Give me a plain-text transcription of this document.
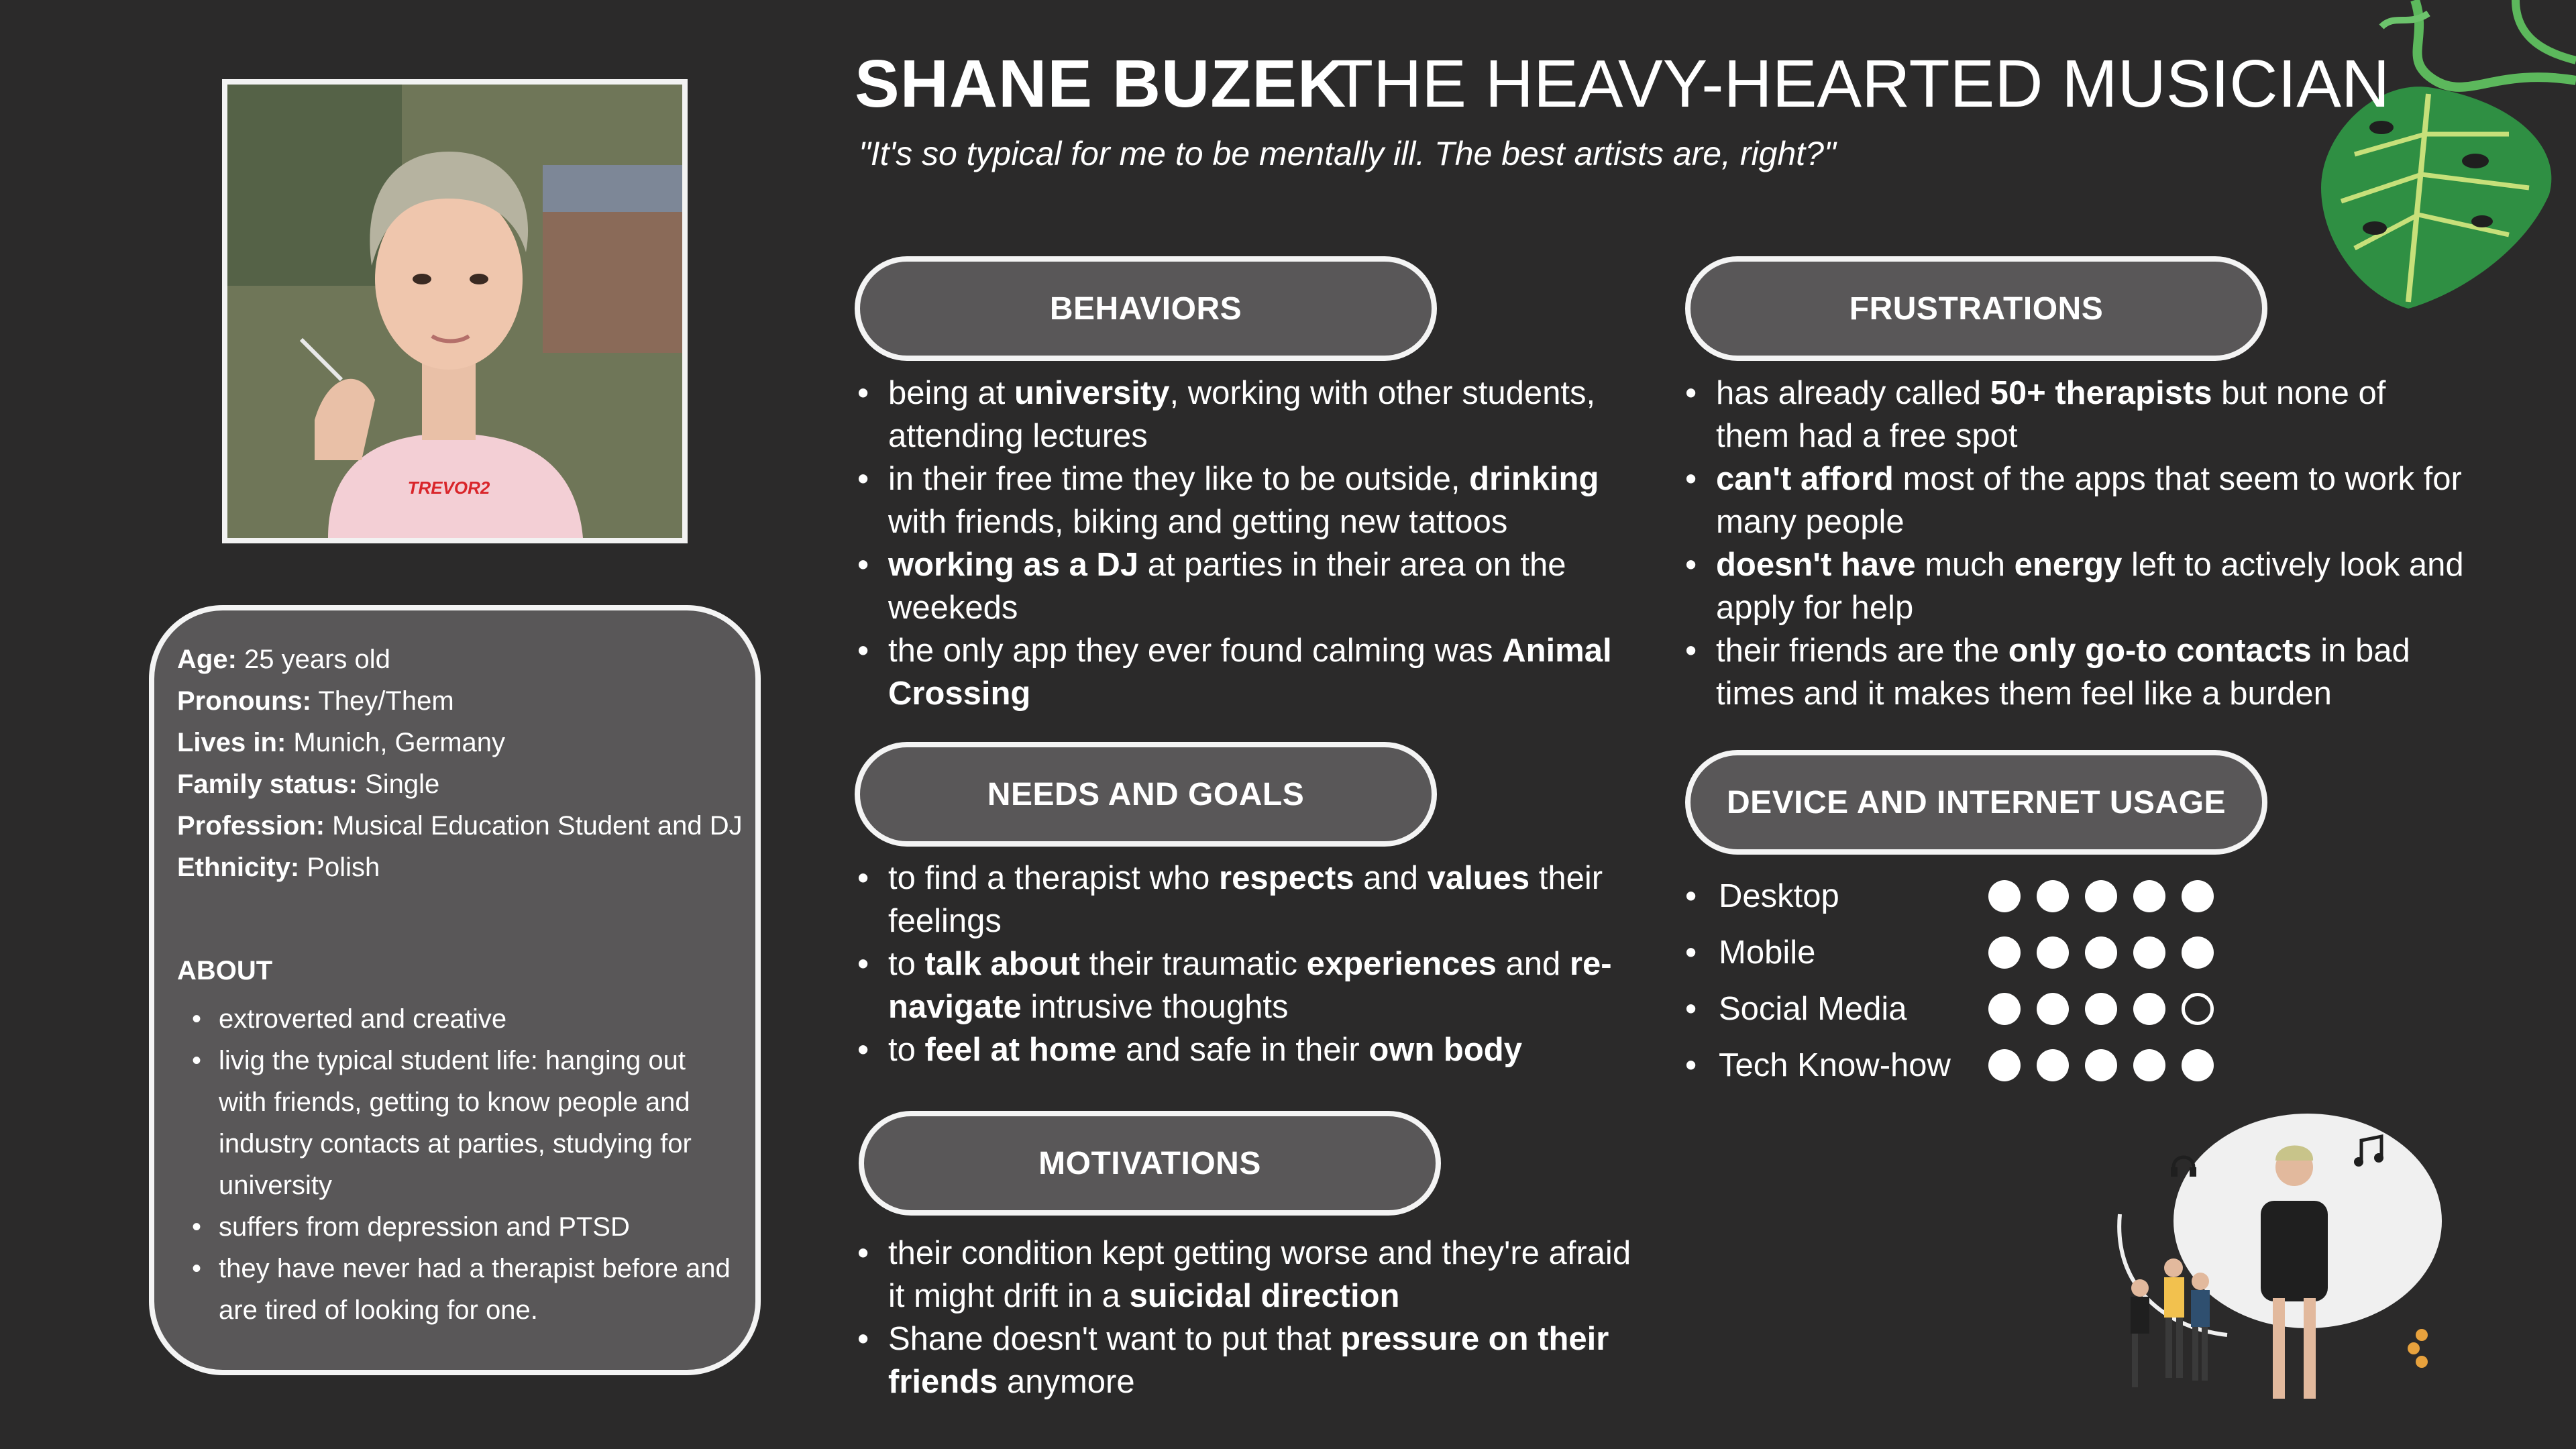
TREVOR2
Age: 25 years old
Pronouns: They/Them
Lives in: Munich, Germany
Family status: Single
Profession: Musical Education Student and DJ
Ethnicity: Polish
ABOUT
• extroverted and creative
• livig the typical student life: hanging out with friends, getting to know people and industry contacts at parties, studying for university
• suffers from depression and PTSD
• they have never had a therapist before and are tired of looking for one.
SHANE BUZEK
THE HEAVY-HEARTED MUSICIAN
"It's so typical for me to be mentally ill. The best artists are, right?"
BEHAVIORS
• being at university, working with other students, attending lectures
• in their free time they like to be outside, drinking with friends, biking and getting new tattoos
• working as a DJ at parties in their area on the weekeds
• the only app they ever found calming was Animal Crossing
NEEDS AND GOALS
• to find a therapist who respects and values their feelings
• to talk about their traumatic experiences and re-navigate intrusive thoughts
• to feel at home and safe in their own body
MOTIVATIONS
• their condition kept getting worse and they're afraid it might drift in a suicidal direction
• Shane doesn't want to put that pressure on their friends anymore
FRUSTRATIONS
• has already called 50+ therapists but none of them had a free spot
• can't afford most of the apps that seem to work for many people
• doesn't have much energy left to actively look and apply for help
• their friends are the only go-to contacts in bad times and it makes them feel like a burden
DEVICE AND INTERNET USAGE
• Desktop
• Mobile
• Social Media
• Tech Know-how
